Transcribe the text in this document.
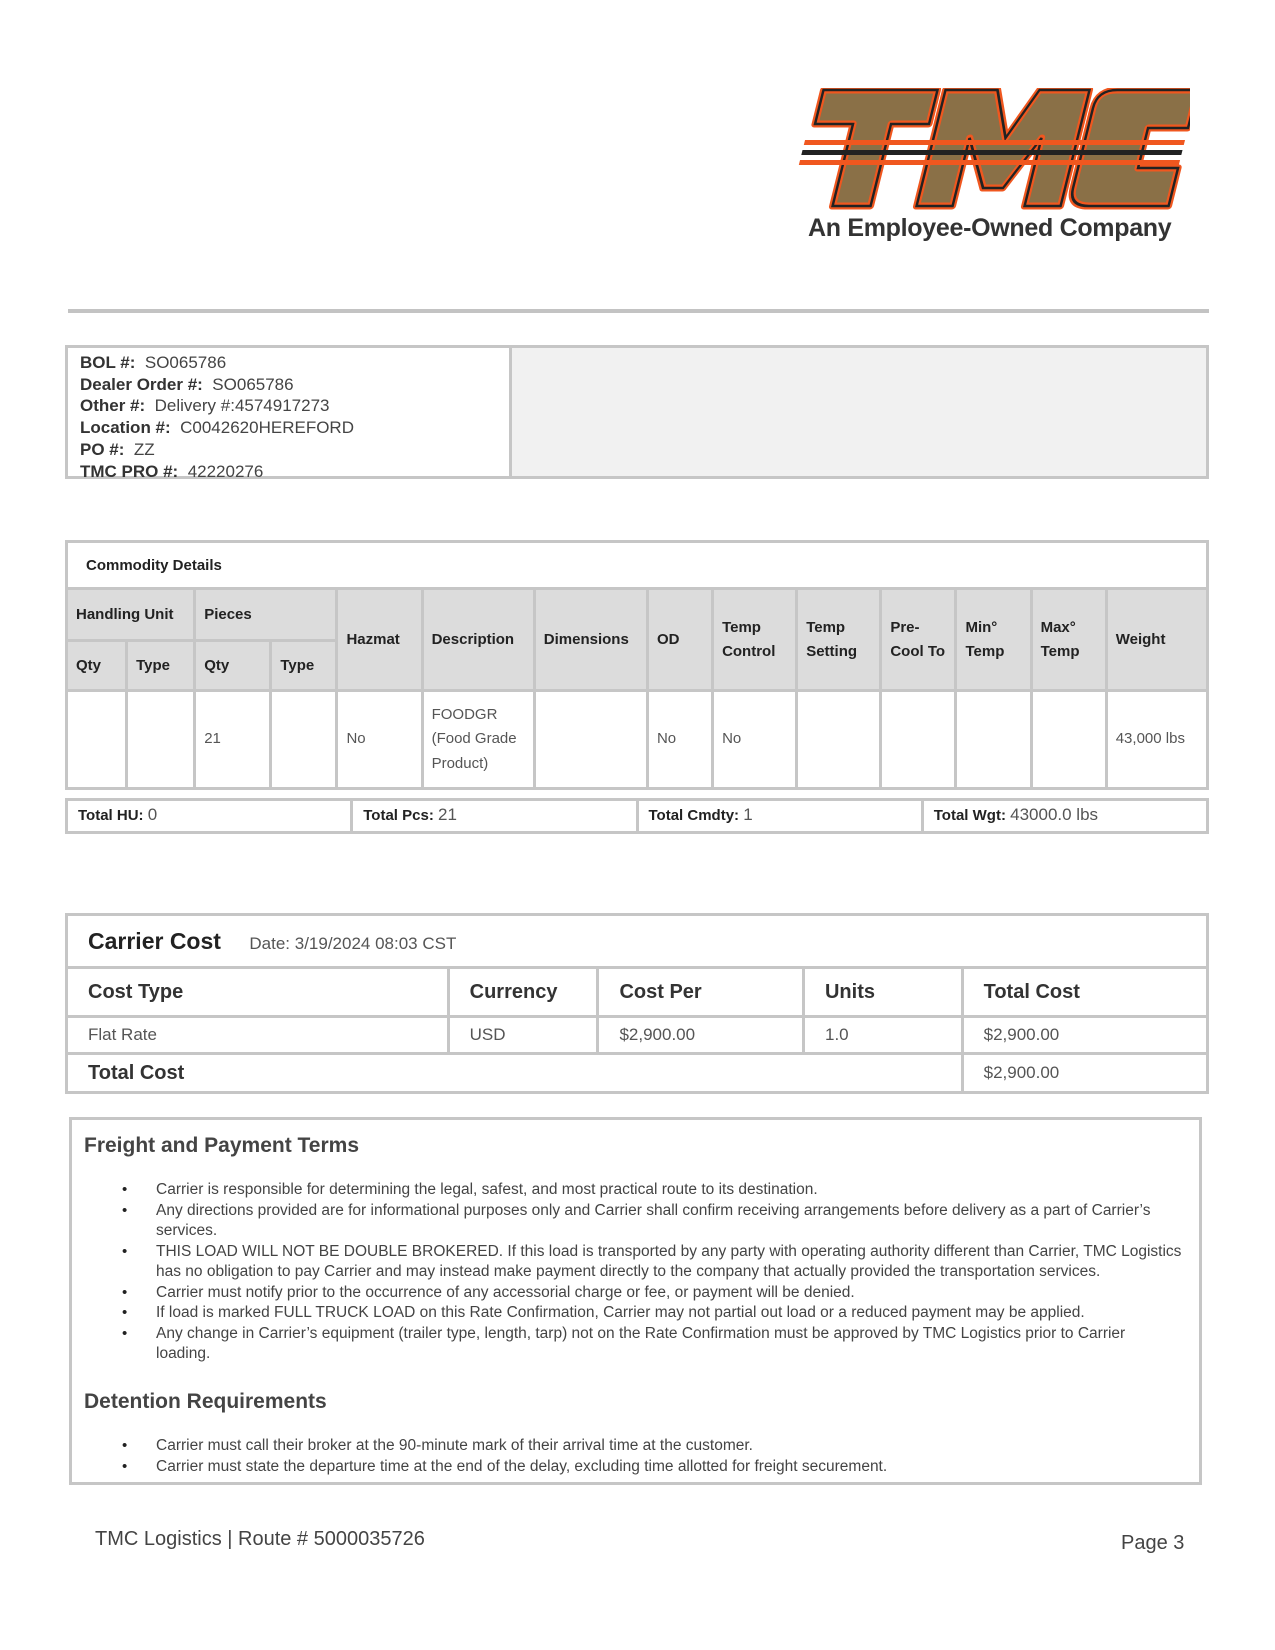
An Employee-Owned Company
BOL #: SO065786
Dealer Order #: SO065786
Other #: Delivery #:4574917273
Location #: C0042620HEREFORD
PO #: ZZ
TMC PRO #: 42220276
Commodity Details													
Handling Unit		Pieces		Hazmat	Description	Dimensions	OD	Temp Control	Temp Setting	Pre-Cool To	Min° Temp	Max° Temp	Weight
Qty	Type	Qty	Type										
		21		No	FOODGR (Food Grade Product)		No	No					43,000 lbs
Total HU: 0	Total Pcs: 21	Total Cmdty: 1	Total Wgt: 43000.0 lbs
Carrier Cost Date: 3/19/2024 08:03 CST				
Cost Type	Currency	Cost Per	Units	Total Cost
Flat Rate	USD	$2,900.00	1.0	$2,900.00
Total Cost				$2,900.00
Freight and Payment Terms
• Carrier is responsible for determining the legal, safest, and most practical route to its destination.
• Any directions provided are for informational purposes only and Carrier shall confirm receiving arrangements before delivery as a part of Carrier’s services.
• THIS LOAD WILL NOT BE DOUBLE BROKERED. If this load is transported by any party with operating authority different than Carrier, TMC Logistics has no obligation to pay Carrier and may instead make payment directly to the company that actually provided the transportation services.
• Carrier must notify prior to the occurrence of any accessorial charge or fee, or payment will be denied.
• If load is marked FULL TRUCK LOAD on this Rate Confirmation, Carrier may not partial out load or a reduced payment may be applied.
• Any change in Carrier’s equipment (trailer type, length, tarp) not on the Rate Confirmation must be approved by TMC Logistics prior to Carrier loading.
Detention Requirements
• Carrier must call their broker at the 90-minute mark of their arrival time at the customer.
• Carrier must state the departure time at the end of the delay, excluding time allotted for freight securement.
TMC Logistics | Route # 5000035726	Page 3
